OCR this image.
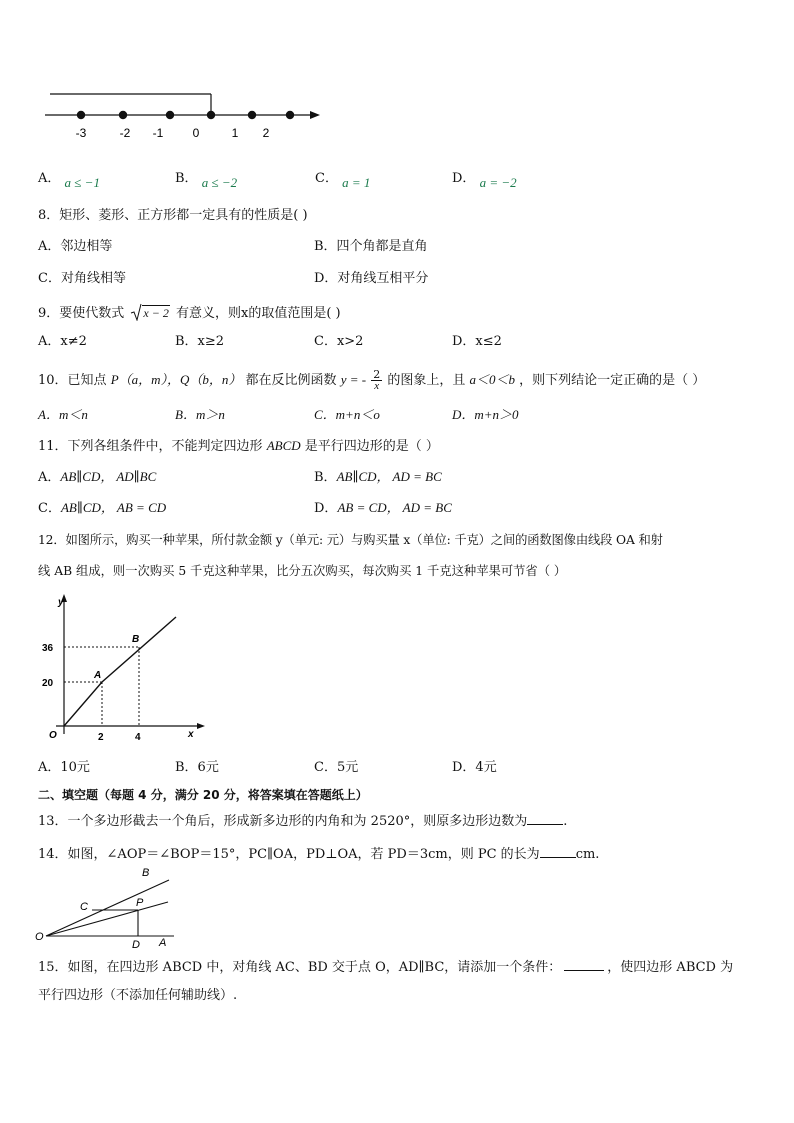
-3	-2 -1 0	1 2
A． a ≤ −1	B． a ≤ −2	C． a = 1	D． a = −2
8．矩形、菱形、正方形都一定具有的性质是( )
A．邻边相等	B．四个角都是直角
C．对角线相等	D．对角线互相平分
9．要使代数式 x − 2 有意义，则x的取值范围是( )
A．x≠2	B．x≥2	C．x>2	D．x≤2
10．已知点 P（a，m），Q（b，n） 都在反比例函数 y = - $\frac{2}{x}$ 的图象上，且 a＜0＜b ，则下列结论一定正确的是（ ）
A．m＜n	B．m＞n	C．m+n＜o	D．m+n＞0
11．下列各组条件中，不能判定四边形 ABCD 是平行四边形的是（ ）
A．AB∥CD， AD∥BC	B．AB∥CD， AD = BC
C．AB∥CD， AB = CD	D．AB = CD， AD = BC
12．如图所示，购买一种苹果，所付款金额 y（单元: 元）与购买量 x（单位: 千克）之间的函数图像由线段 OA 和射
线 AB 组成，则一次购买 5 千克这种苹果，比分五次购买，每次购买 1 千克这种苹果可节省（ ）
y
x
O
A
B
36
20
2	4
A．10元	B．6元	C．5元	D．4元
二、填空题（每题 4 分，满分 20 分，将答案填在答题纸上）
13．一个多边形截去一个角后，形成新多边形的内角和为 2520°，则原多边形边数为	.
14．如图，∠AOP＝∠BOP＝15°，PC∥OA，PD⊥OA，若 PD＝3cm，则 PC 的长为	cm.
B
C	P
O
D A
15．如图，在四边形 ABCD 中，对角线 AC、BD 交于点 O，AD∥BC，请添加一个条件：	，使四边形 ABCD 为
平行四边形（不添加任何辅助线）.
